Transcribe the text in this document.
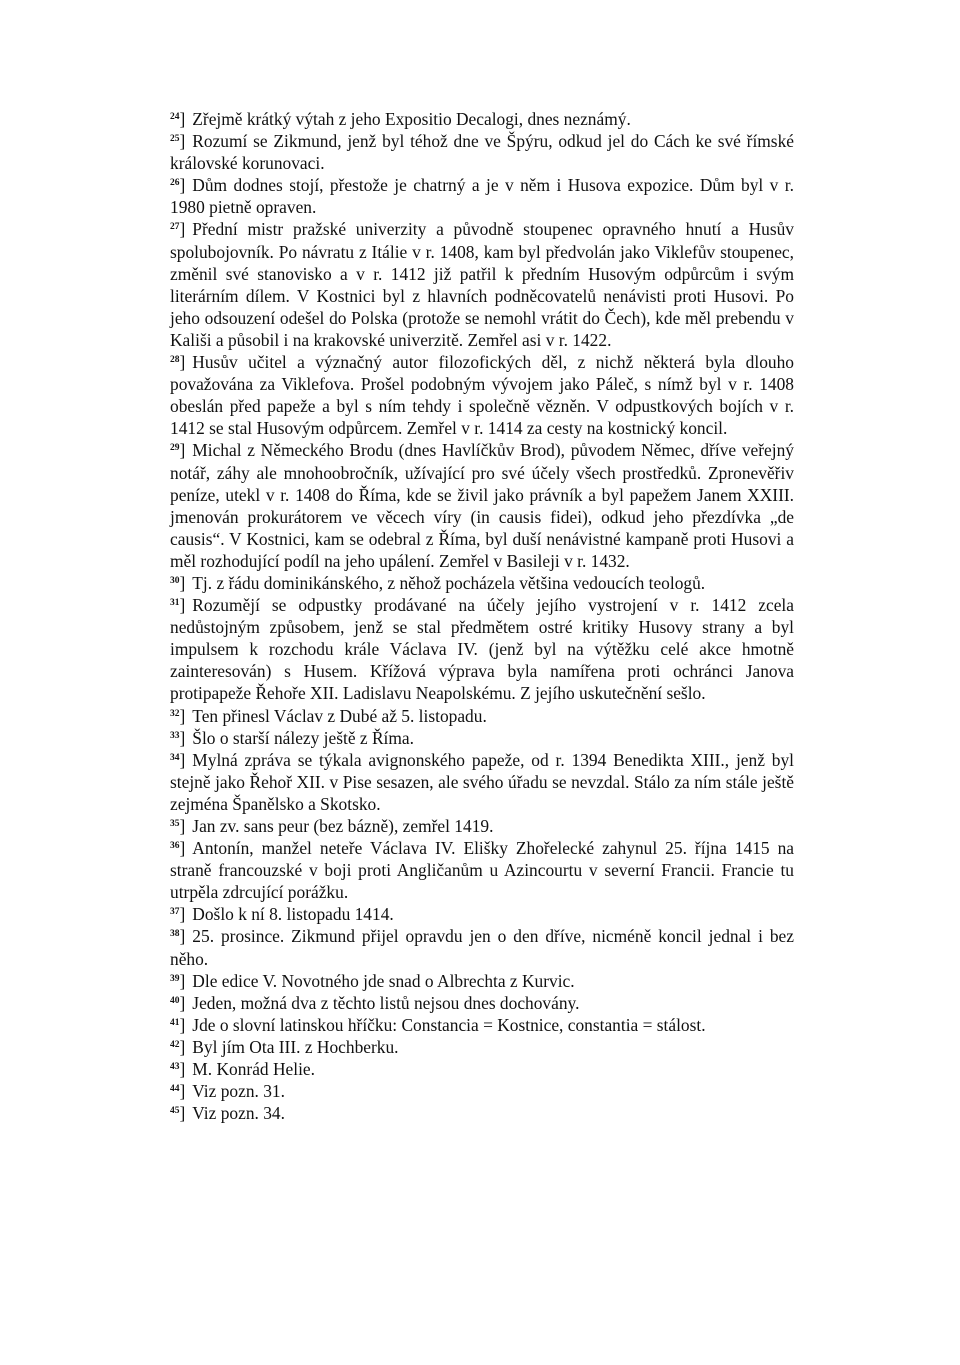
$^{24}$] Zřejmě krátký výtah z jeho Expositio Decalogi, dnes neznámý.

$^{25}$] Rozumí se Zikmund, jenž byl téhož dne ve Špýru, odkud jel do Cách ke své římské královské korunovaci.

$^{26}$] Dům dodnes stojí, přestože je chatrný a je v něm i Husova expozice. Dům byl v r. 1980 pietně opraven.

$^{27}$] Přední mistr pražské univerzity a původně stoupenec opravného hnutí a Husův spolubojovník. Po návratu z Itálie v r. 1408, kam byl předvolán jako Viklefův stoupenec, změnil své stanovisko a v r. 1412 již patřil k předním Husovým odpůrcům i svým literárním dílem. V Kostnici byl z hlavních podněcovatelů nenávisti proti Husovi. Po jeho odsouzení odešel do Polska (protože se nemohl vrátit do Čech), kde měl prebendu v Kališi a působil i na krakovské univerzitě. Zemřel asi v r. 1422.

$^{28}$] Husův učitel a význačný autor filozofických děl, z nichž některá byla dlouho považována za Viklefova. Prošel podobným vývojem jako Páleč, s nímž byl v r. 1408 obeslán před papeže a byl s ním tehdy i společně vězněn. V odpustkových bojích v r. 1412 se stal Husovým odpůrcem. Zemřel v r. 1414 za cesty na kostnický koncil.

$^{29}$] Michal z Německého Brodu (dnes Havlíčkův Brod), původem Němec, dříve veřejný notář, záhy ale mnohoobročník, užívající pro své účely všech prostředků. Zpronevěřiv peníze, utekl v r. 1408 do Říma, kde se živil jako právník a byl papežem Janem XXIII. jmenován prokurátorem ve věcech víry (in causis fidei), odkud jeho přezdívka „de causis“. V Kostnici, kam se odebral z Říma, byl duší nenávistné kampaně proti Husovi a měl rozhodující podíl na jeho upálení. Zemřel v Basileji v r. 1432.

$^{30}$] Tj. z řádu dominikánského, z něhož pocházela většina vedoucích teologů.

$^{31}$] Rozumějí se odpustky prodávané na účely jejího vystrojení v r. 1412 zcela nedůstojným způsobem, jenž se stal předmětem ostré kritiky Husovy strany a byl impulsem k rozchodu krále Václava IV. (jenž byl na výtěžku celé akce hmotně zainteresován) s Husem. Křížová výprava byla namířena proti ochránci Janova protipapeže Řehoře XII. Ladislavu Neapolskému. Z jejího uskutečnění sešlo.

$^{32}$] Ten přinesl Václav z Dubé až 5. listopadu.

$^{33}$] Šlo o starší nálezy ještě z Říma.

$^{34}$] Mylná zpráva se týkala avignonského papeže, od r. 1394 Benedikta XIII., jenž byl stejně jako Řehoř XII. v Pise sesazen, ale svého úřadu se nevzdal. Stálo za ním stále ještě zejména Španělsko a Skotsko.

$^{35}$] Jan zv. sans peur (bez bázně), zemřel 1419.

$^{36}$] Antonín, manžel neteře Václava IV. Elišky Zhořelecké zahynul 25. října 1415 na straně francouzské v boji proti Angličanům u Azincourtu v severní Francii. Francie tu utrpěla zdrcující porážku.

$^{37}$] Došlo k ní 8. listopadu 1414.

$^{38}$] 25. prosince. Zikmund přijel opravdu jen o den dříve, nicméně koncil jednal i bez něho.

$^{39}$] Dle edice V. Novotného jde snad o Albrechta z Kurvic.

$^{40}$] Jeden, možná dva z těchto listů nejsou dnes dochovány.

$^{41}$] Jde o slovní latinskou hříčku: Constancia = Kostnice, constantia = stálost.

$^{42}$] Byl jím Ota III. z Hochberku.

$^{43}$] M. Konrád Helie.

$^{44}$] Viz pozn. 31.

$^{45}$] Viz pozn. 34.
